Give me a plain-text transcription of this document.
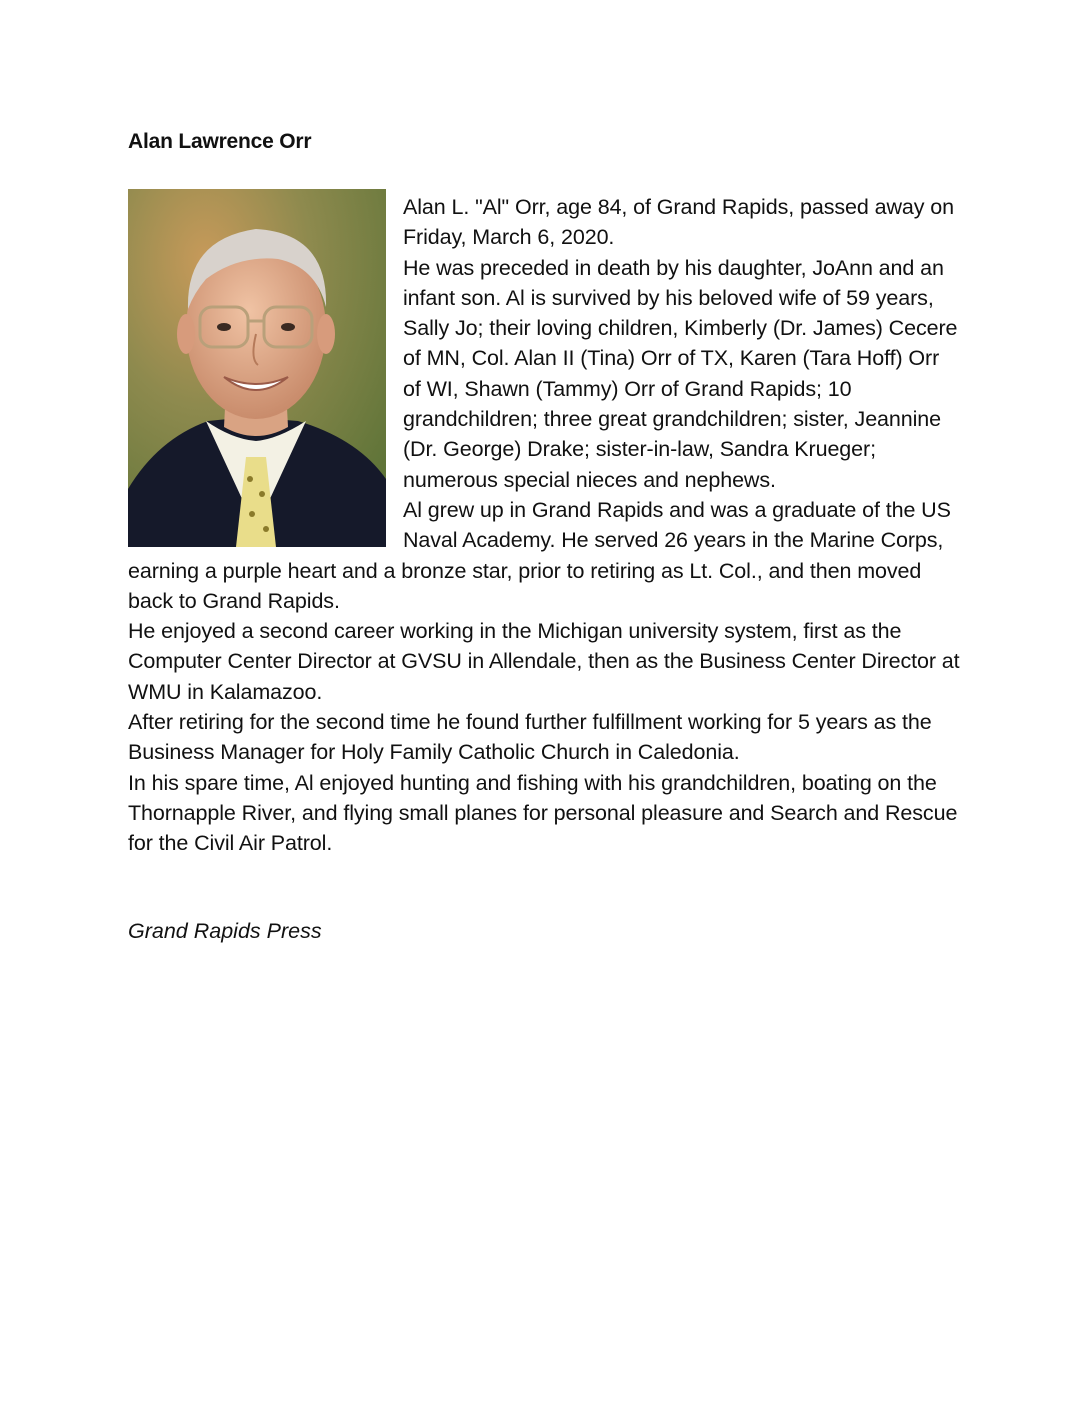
Alan Lawrence Orr

Alan L. "Al" Orr, age 84, of Grand Rapids, passed away on Friday, March 6, 2020.

He was preceded in death by his daughter, JoAnn and an infant son. Al is survived by his beloved wife of 59 years, Sally Jo; their loving children, Kimberly (Dr. James) Cecere of MN, Col. Alan II (Tina) Orr of TX, Karen (Tara Hoff) Orr of WI, Shawn (Tammy) Orr of Grand Rapids; 10 grandchildren; three great grandchildren; sister, Jeannine (Dr. George) Drake; sister-in-law, Sandra Krueger; numerous special nieces and nephews.

Al grew up in Grand Rapids and was a graduate of the US Naval Academy. He served 26 years in the Marine Corps, earning a purple heart and a bronze star, prior to retiring as Lt. Col., and then moved back to Grand Rapids.

He enjoyed a second career working in the Michigan university system, first as the Computer Center Director at GVSU in Allendale, then as the Business Center Director at WMU in Kalamazoo.

After retiring for the second time he found further fulfillment working for 5 years as the Business Manager for Holy Family Catholic Church in Caledonia.

In his spare time, Al enjoyed hunting and fishing with his grandchildren, boating on the Thornapple River, and flying small planes for personal pleasure and Search and Rescue for the Civil Air Patrol.

Grand Rapids Press
